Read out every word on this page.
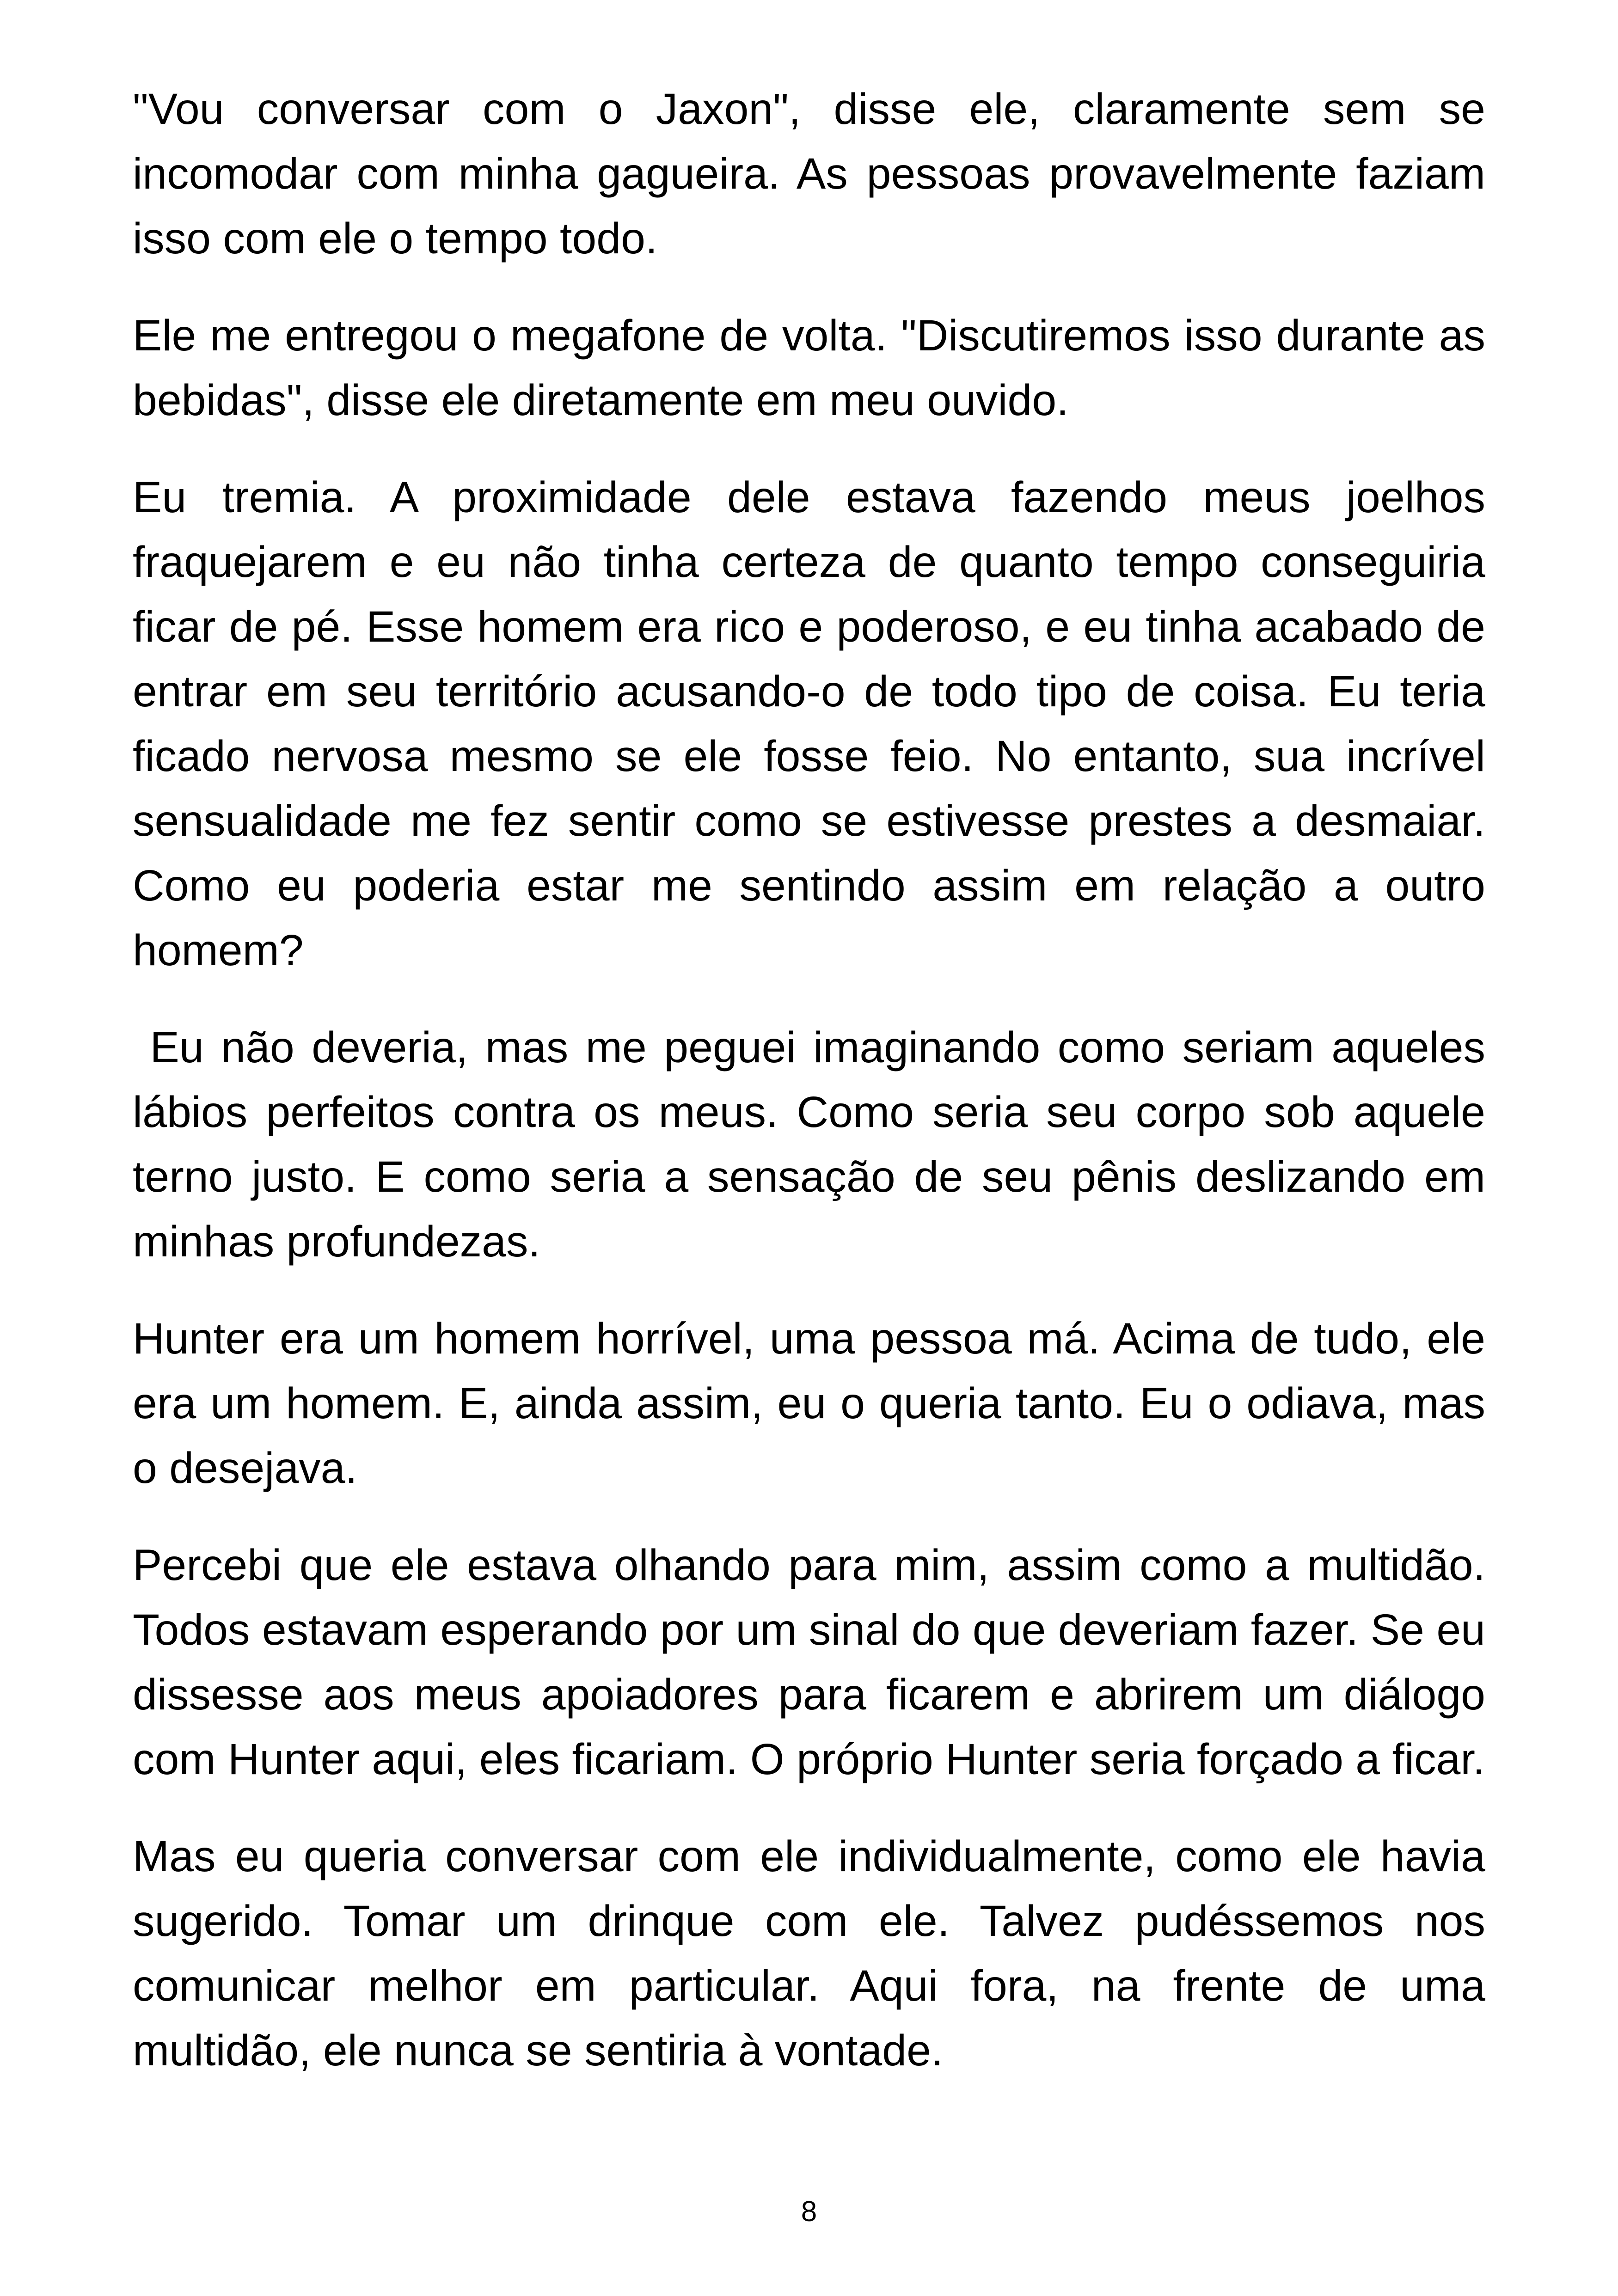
"Vou conversar com o Jaxon", disse ele, claramente sem se incomodar com minha gagueira. As pessoas provavelmente faziam isso com ele o tempo todo.

Ele me entregou o megafone de volta. "Discutiremos isso durante as bebidas", disse ele diretamente em meu ouvido.

Eu tremia. A proximidade dele estava fazendo meus joelhos fraquejarem e eu não tinha certeza de quanto tempo conseguiria ficar de pé. Esse homem era rico e poderoso, e eu tinha acabado de entrar em seu território acusando-o de todo tipo de coisa. Eu teria ficado nervosa mesmo se ele fosse feio. No entanto, sua incrível sensualidade me fez sentir como se estivesse prestes a desmaiar. Como eu poderia estar me sentindo assim em relação a outro homem?

Eu não deveria, mas me peguei imaginando como seriam aqueles lábios perfeitos contra os meus. Como seria seu corpo sob aquele terno justo. E como seria a sensação de seu pênis deslizando em minhas profundezas.

Hunter era um homem horrível, uma pessoa má. Acima de tudo, ele era um homem. E, ainda assim, eu o queria tanto. Eu o odiava, mas o desejava.

Percebi que ele estava olhando para mim, assim como a multidão. Todos estavam esperando por um sinal do que deveriam fazer. Se eu dissesse aos meus apoiadores para ficarem e abrirem um diálogo com Hunter aqui, eles ficariam. O próprio Hunter seria forçado a ficar.

Mas eu queria conversar com ele individualmente, como ele havia sugerido. Tomar um drinque com ele. Talvez pudéssemos nos comunicar melhor em particular. Aqui fora, na frente de uma multidão, ele nunca se sentiria à vontade.

8
